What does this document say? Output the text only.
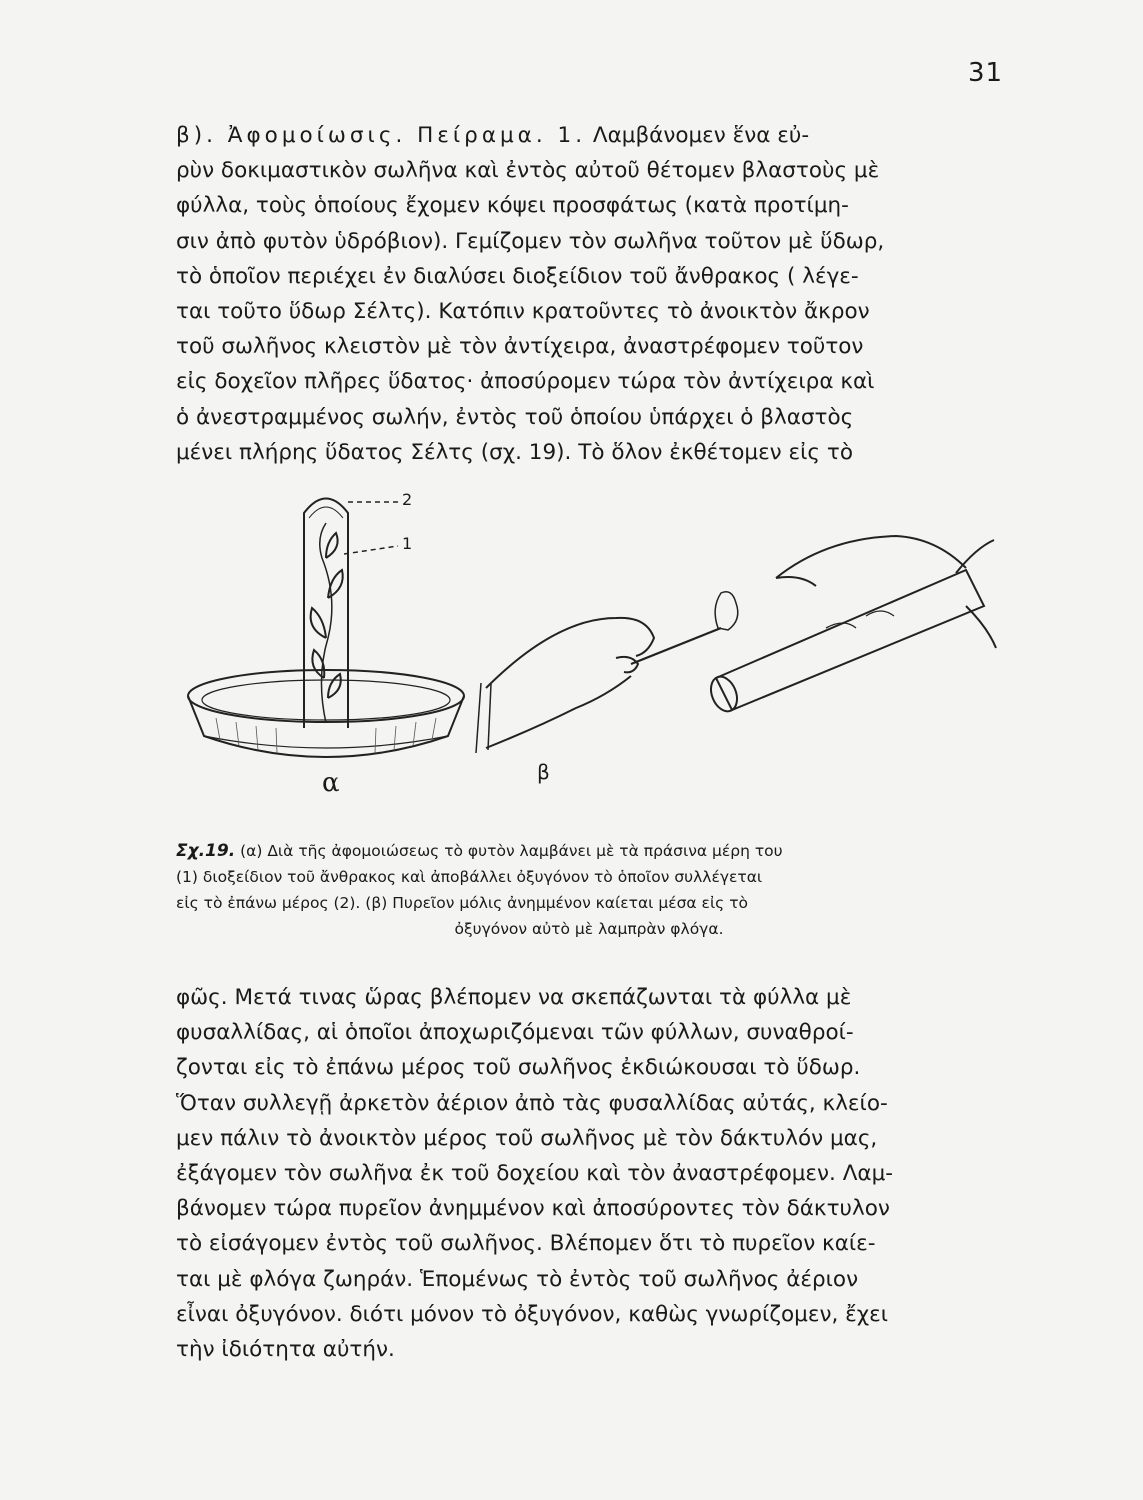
31
β). Ἀφομοίωσις. Πείραμα. 1. Λαμβάνομεν ἕνα εὐ-
ρὺν δοκιμαστικὸν σωλῆνα καὶ ἐντὸς αὐτοῦ θέτομεν βλαστοὺς μὲ
φύλλα, τοὺς ὁποίους ἔχομεν κόψει προσφάτως (κατὰ προτίμη-
σιν ἀπὸ φυτὸν ὑδρόβιον). Γεμίζομεν τὸν σωλῆνα τοῦτον μὲ ὕδωρ,
τὸ ὁποῖον περιέχει ἐν διαλύσει διοξείδιον τοῦ ἄνθρακος ( λέγε-
ται τοῦτο ὕδωρ Σέλτς). Κατόπιν κρατοῦντες τὸ ἀνοικτὸν ἄκρον
τοῦ σωλῆνος κλειστὸν μὲ τὸν ἀντίχειρα, ἀναστρέφομεν τοῦτον
εἰς δοχεῖον πλῆρες ὕδατος· ἀποσύρομεν τώρα τὸν ἀντίχειρα καὶ
ὁ ἀνεστραμμένος σωλήν, ἐντὸς τοῦ ὁποίου ὑπάρχει ὁ βλαστὸς
μένει πλήρης ὕδατος Σέλτς (σχ. 19). Τὸ ὅλον ἐκθέτομεν εἰς τὸ
2
1
α	β
Σχ.19. (α) Διὰ τῆς ἀφομοιώσεως τὸ φυτὸν λαμβάνει μὲ τὰ πράσινα μέρη του
(1) διοξείδιον τοῦ ἄνθρακος καὶ ἀποβάλλει ὀξυγόνον τὸ ὁποῖον συλλέγεται
εἰς τὸ ἐπάνω μέρος (2). (β) Πυρεῖον μόλις ἀνημμένον καίεται μέσα εἰς τὸ
ὀξυγόνον αὐτὸ μὲ λαμπρὰν φλόγα.
φῶς. Μετά τινας ὥρας βλέπομεν να σκεπάζωνται τὰ φύλλα μὲ
φυσαλλίδας, αἱ ὁποῖοι ἀποχωριζόμεναι τῶν φύλλων, συναθροί-
ζονται εἰς τὸ ἐπάνω μέρος τοῦ σωλῆνος ἐκδιώκουσαι τὸ ὕδωρ.
Ὅταν συλλεγῇ ἀρκετὸν ἀέριον ἀπὸ τὰς φυσαλλίδας αὐτάς, κλείο-
μεν πάλιν τὸ ἀνοικτὸν μέρος τοῦ σωλῆνος μὲ τὸν δάκτυλόν μας,
ἐξάγομεν τὸν σωλῆνα ἐκ τοῦ δοχείου καὶ τὸν ἀναστρέφομεν. Λαμ-
βάνομεν τώρα πυρεῖον ἀνημμένον καὶ ἀποσύροντες τὸν δάκτυλον
τὸ εἰσάγομεν ἐντὸς τοῦ σωλῆνος. Βλέπομεν ὅτι τὸ πυρεῖον καίε-
ται μὲ φλόγα ζωηράν. Ἑπομένως τὸ ἐντὸς τοῦ σωλῆνος ἀέριον
εἶναι ὀξυγόνον. διότι μόνον τὸ ὀξυγόνον, καθὼς γνωρίζομεν, ἔχει
τὴν ἰδιότητα αὐτήν.
